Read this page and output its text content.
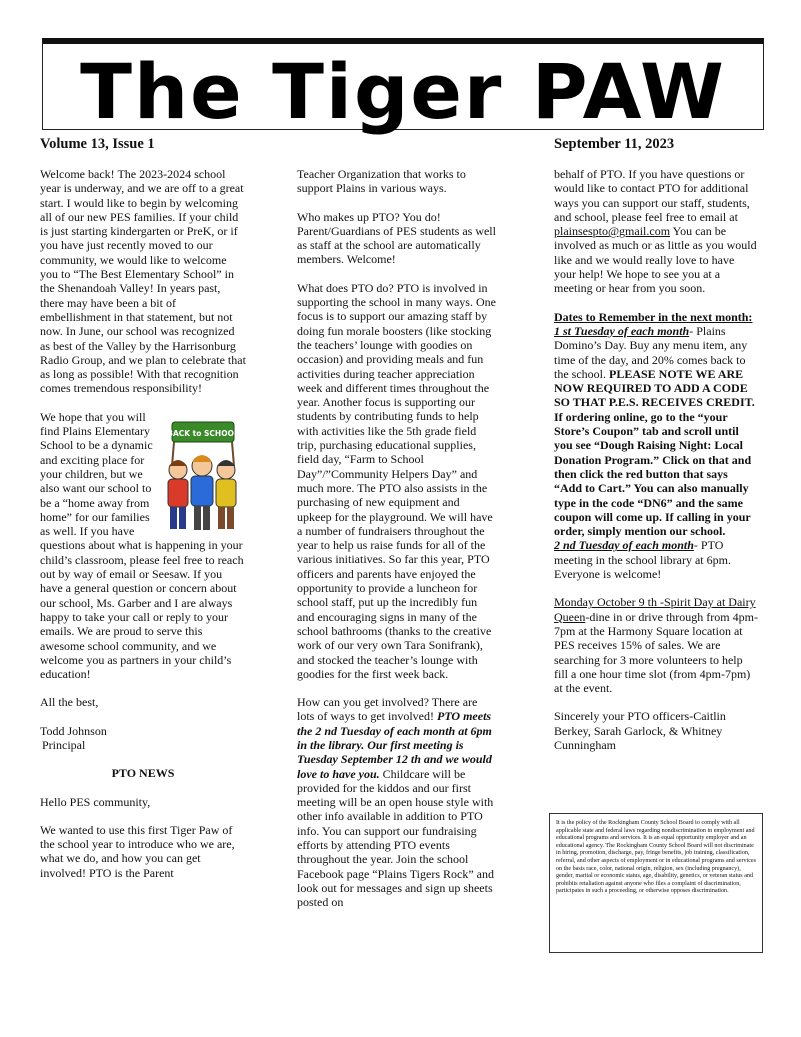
The Tiger PAW
Volume 13, Issue 1	September 11, 2023

Welcome back! The 2023-2024 school year is underway, and we are off to a great start. I would like to begin by welcoming all of our new PES families. If your child is just starting kindergarten or PreK, or if you have just recently moved to our community, we would like to welcome you to “The Best Elementary School” in the Shenandoah Valley! In years past, there may have been a bit of embellishment in that statement, but not now. In June, our school was recognized as best of the Valley by the Harrisonburg Radio Group, and we plan to celebrate that as long as possible! With that recognition comes tremendous responsibility!

BACK to SCHOOL

We hope that you will find Plains Elementary School to be a dynamic and exciting place for your children, but we also want our school to be a “home away from home” for our families as well. If you have questions about what is happening in your child’s classroom, please feel free to reach out by way of email or Seesaw. If you have a general question or concern about our school, Ms. Garber and I are always happy to take your call or reply to your emails. We are proud to serve this awesome school community, and we welcome you as partners in your child’s education!

All the best,

Todd Johnson

Principal

PTO NEWS

Hello PES community,

We wanted to use this first Tiger Paw of the school year to introduce who we are, what we do, and how you can get involved! PTO is the Parent

Teacher Organization that works to support Plains in various ways.

Who makes up PTO? You do! Parent/Guardians of PES students as well as staff at the school are automatically members. Welcome!

What does PTO do? PTO is involved in supporting the school in many ways. One focus is to support our amazing staff by doing fun morale boosters (like stocking the teachers’ lounge with goodies on occasion) and providing meals and fun activities during teacher appreciation week and different times throughout the year. Another focus is supporting our students by contributing funds to help with activities like the 5th grade field trip, purchasing educational supplies, field day, “Farm to School Day”/”Community Helpers Day” and much more. The PTO also assists in the purchasing of new equipment and upkeep for the playground. We will have a number of fundraisers throughout the year to help us raise funds for all of the various initiatives. So far this year, PTO officers and parents have enjoyed the opportunity to provide a luncheon for school staff, put up the incredibly fun and encouraging signs in many of the school bathrooms (thanks to the creative work of our very own Tara Sonifrank), and stocked the teacher’s lounge with goodies for the first week back.

How can you get involved? There are lots of ways to get involved! PTO meets the 2 nd Tuesday of each month at 6pm in the library. Our first meeting is Tuesday September 12 th and we would love to have you. Childcare will be provided for the kiddos and our first meeting will be an open house style with other info available in addition to PTO info. You can support our fundraising efforts by attending PTO events throughout the year. Join the school Facebook page “Plains Tigers Rock” and look out for messages and sign up sheets posted on

behalf of PTO. If you have questions or would like to contact PTO for additional ways you can support our staff, students, and school, please feel free to email at plainsespto@gmail.com You can be involved as much or as little as you would like and we would really love to have your help! We hope to see you at a meeting or hear from you soon.

Dates to Remember in the next month:

1 st Tuesday of each month- Plains Domino’s Day. Buy any menu item, any time of the day, and 20% comes back to the school. PLEASE NOTE WE ARE NOW REQUIRED TO ADD A CODE SO THAT P.E.S. RECEIVES CREDIT. If ordering online, go to the “your Store’s Coupon” tab and scroll until you see “Dough Raising Night: Local Donation Program.” Click on that and then click the red button that says “Add to Cart.” You can also manually type in the code “DN6” and the same coupon will come up. If calling in your order, simply mention our school.
2 nd Tuesday of each month- PTO meeting in the school library at 6pm. Everyone is welcome!

Monday October 9 th -Spirit Day at Dairy Queen-dine in or drive through from 4pm-7pm at the Harmony Square location at PES receives 15% of sales. We are searching for 3 more volunteers to help fill a one hour time slot (from 4pm-7pm) at the event.

Sincerely your PTO officers-Caitlin Berkey, Sarah Garlock, & Whitney Cunningham

It is the policy of the Rockingham County School Board to comply with all applicable state and federal laws regarding nondiscrimination in employment and educational programs and services. It is an equal opportunity employer and an educational agency. The Rockingham County School Board will not discriminate in hiring, promotion, discharge, pay, fringe benefits, job training, classification, referral, and other aspects of employment or in educational programs and services on the basis race, color, national origin, religion, sex (including pregnancy), gender, marital or economic status, age, disability, genetics, or veteran status and prohibits retaliation against anyone who files a complaint of discrimination, participates in such a proceeding, or otherwise opposes discrimination.
